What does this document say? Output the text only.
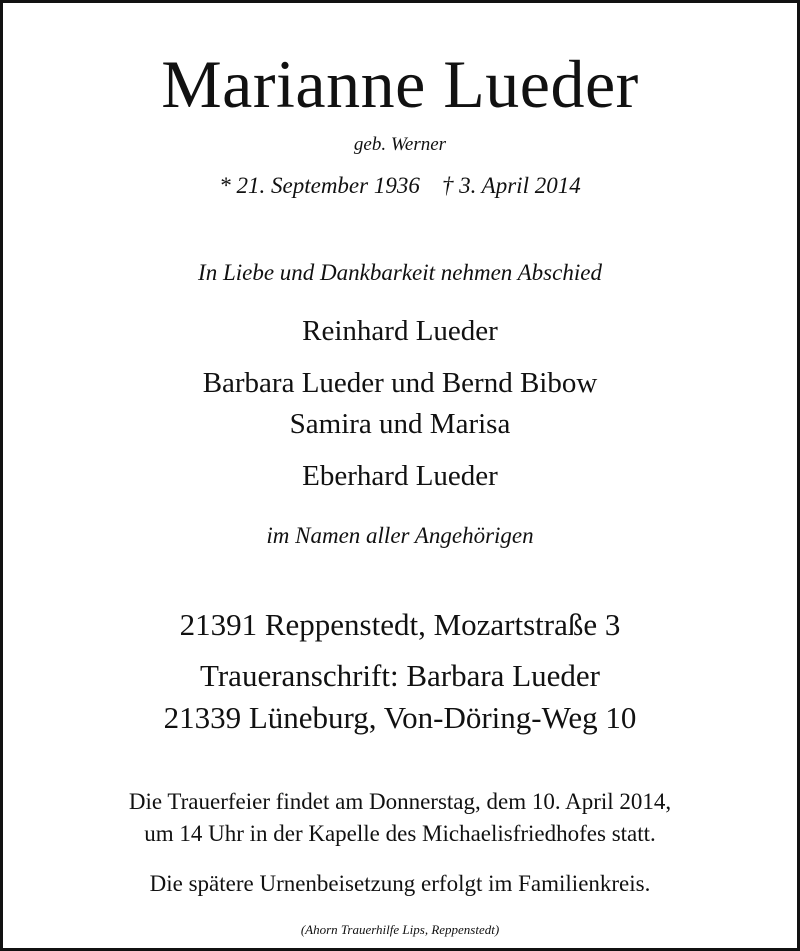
Marianne Lueder
geb. Werner
* 21. September 1936 † 3. April 2014
In Liebe und Dankbarkeit nehmen Abschied
Reinhard Lueder
Barbara Lueder und Bernd Bibow
Samira und Marisa
Eberhard Lueder
im Namen aller Angehörigen
21391 Reppenstedt, Mozartstraße 3
Traueranschrift: Barbara Lueder
21339 Lüneburg, Von-Döring-Weg 10
Die Trauerfeier findet am Donnerstag, dem 10. April 2014,
um 14 Uhr in der Kapelle des Michaelisfriedhofes statt.
Die spätere Urnenbeisetzung erfolgt im Familienkreis.
(Ahorn Trauerhilfe Lips, Reppenstedt)
